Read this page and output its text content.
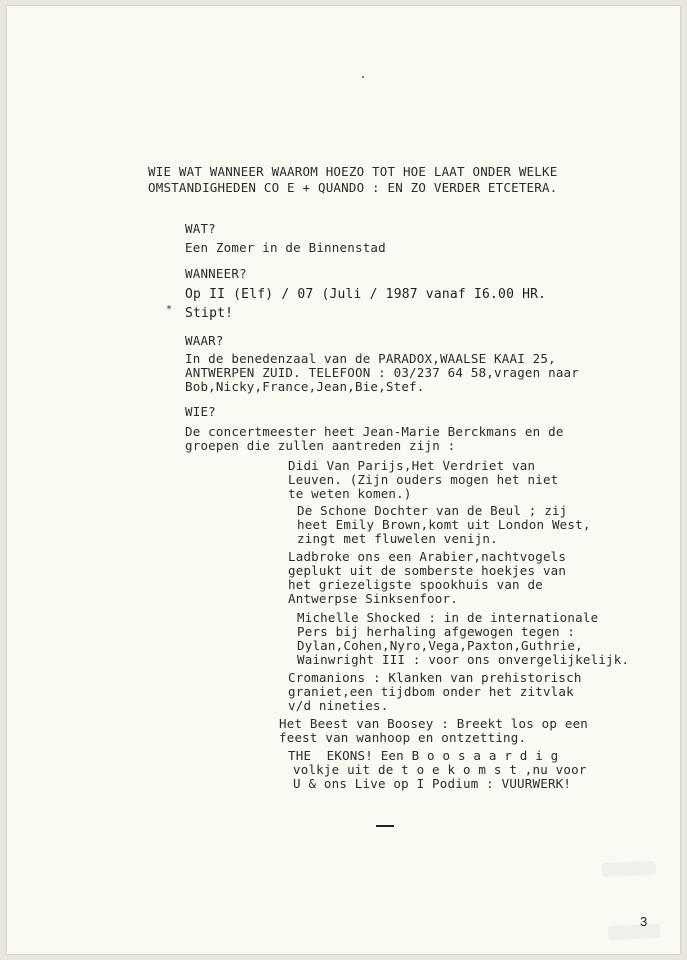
WIE WAT WANNEER WAAROM HOEZO TOT HOE LAAT ONDER WELKE

OMSTANDIGHEDEN CO E + QUANDO : EN ZO VERDER ETCETERA.

WAT?

Een Zomer in de Binnenstad

WANNEER?

Op II (Elf) / 07 (Juli / 1987 vanaf I6.00 HR.

* Stipt!

WAAR?

In de benedenzaal van de PARADOX,WAALSE KAAI 25,

ANTWERPEN ZUID. TELEFOON : 03/237 64 58,vragen naar

Bob,Nicky,France,Jean,Bie,Stef.

WIE?

De concertmeester heet Jean-Marie Berckmans en de

groepen die zullen aantreden zijn :

Didi Van Parijs,Het Verdriet van

Leuven. (Zijn ouders mogen het niet

te weten komen.)

De Schone Dochter van de Beul ; zij

heet Emily Brown,komt uit London West,

zingt met fluwelen venijn.

Ladbroke ons een Arabier,nachtvogels

geplukt uit de somberste hoekjes van

het griezeligste spookhuis van de

Antwerpse Sinksenfoor.

Michelle Shocked : in de internationale

Pers bij herhaling afgewogen tegen :

Dylan,Cohen,Nyro,Vega,Paxton,Guthrie,

Wainwright III : voor ons onvergelijkelijk.

Cromanions : Klanken van prehistorisch

graniet,een tijdbom onder het zitvlak

v/d nineties.

Het Beest van Boosey : Breekt los op een

feest van wanhoop en ontzetting.

THE  EKONS! Een B o o s a a r d i g

volkje uit de t o e k o m s t ,nu voor

U & ons Live op I Podium : VUURWERK!

3
